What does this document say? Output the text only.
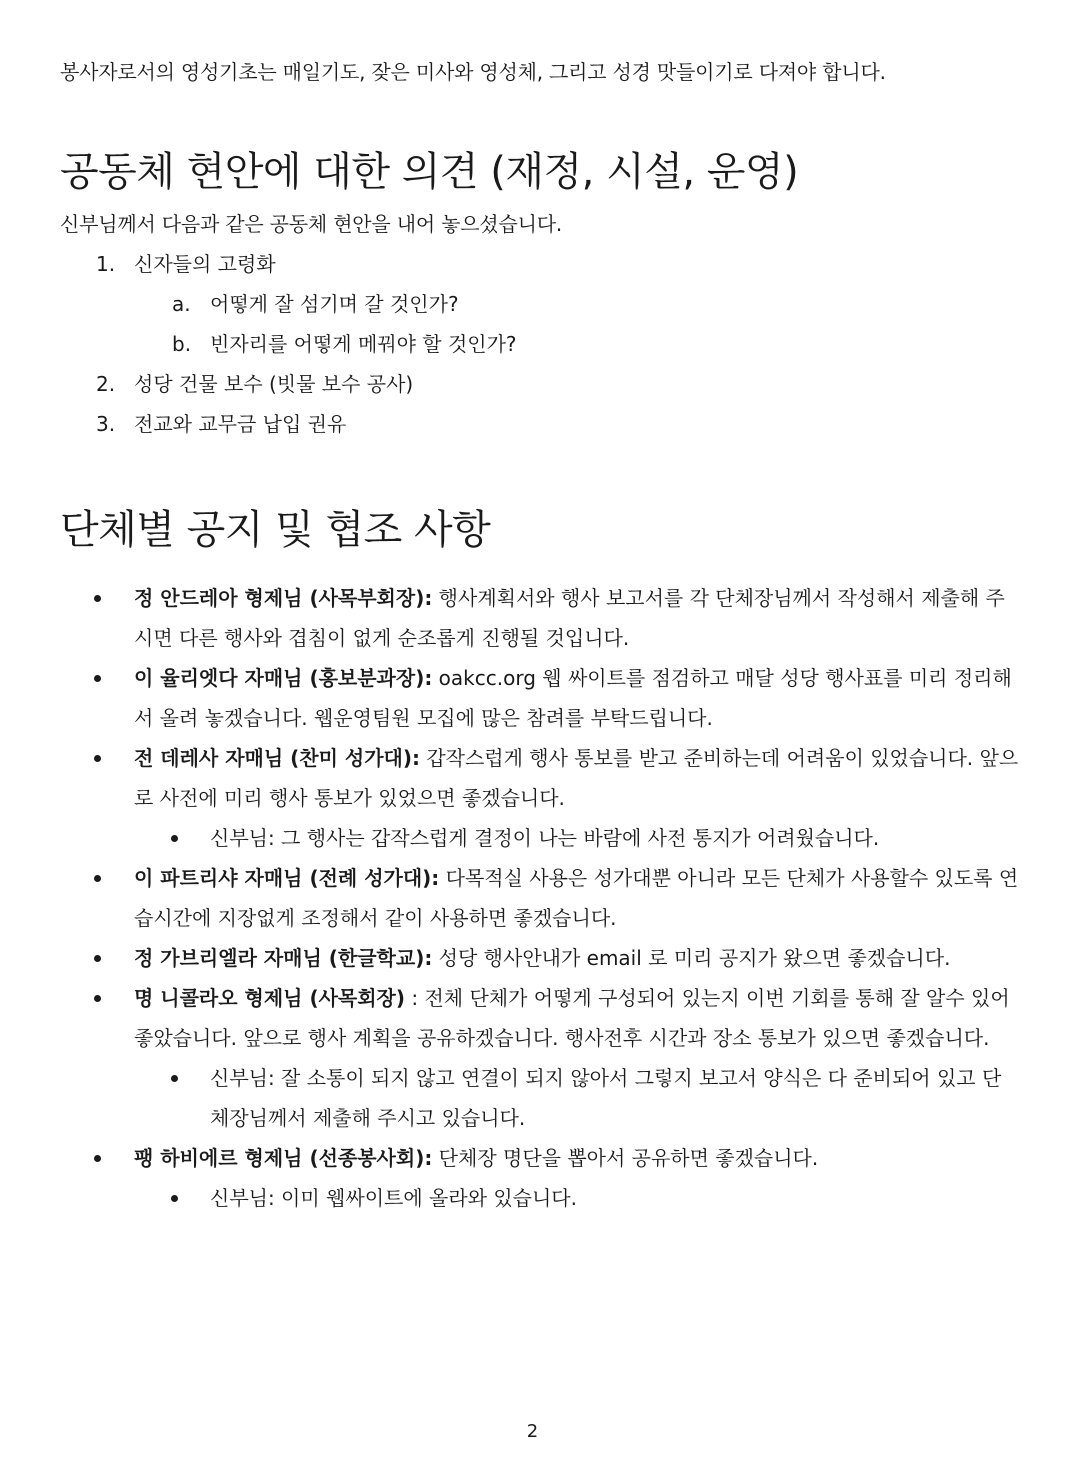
봉사자로서의 영성기초는 매일기도, 잦은 미사와 영성체, 그리고 성경 맛들이기로 다져야 합니다.

공동체 현안에 대한 의견 (재정, 시설, 운영)

신부님께서 다음과 같은 공동체 현안을 내어 놓으셨습니다.

1. 신자들의 고령화
a. 어떻게 잘 섬기며 갈 것인가?
b. 빈자리를 어떻게 메꿔야 할 것인가?
2. 성당 건물 보수 (빗물 보수 공사)
3. 전교와 교무금 납입 권유
단체별 공지 및 협조 사항
정 안드레아 형제님 (사목부회장): 행사계획서와 행사 보고서를 각 단체장님께서 작성해서 제출해 주시면 다른 행사와 겹침이 없게 순조롭게 진행될 것입니다.
이 율리엣다 자매님 (홍보분과장): oakcc.org 웹 싸이트를 점검하고 매달 성당 행사표를 미리 정리해서 올려 놓겠습니다. 웹운영팀원 모집에 많은 참려를 부탁드립니다.
전 데레사 자매님 (찬미 성가대): 갑작스럽게 행사 통보를 받고 준비하는데 어려움이 있었습니다. 앞으로 사전에 미리 행사 통보가 있었으면 좋겠습니다.
신부님: 그 행사는 갑작스럽게 결정이 나는 바람에 사전 통지가 어려웠습니다.
이 파트리샤 자매님 (전례 성가대): 다목적실 사용은 성가대뿐 아니라 모든 단체가 사용할수 있도록 연습시간에 지장없게 조정해서 같이 사용하면 좋겠습니다.
정 가브리엘라 자매님 (한글학교): 성당 행사안내가 email 로 미리 공지가 왔으면 좋겠습니다.
명 니콜라오 형제님 (사목회장) : 전체 단체가 어떻게 구성되어 있는지 이번 기회를 통해 잘 알수 있어 좋았습니다. 앞으로 행사 계획을 공유하겠습니다. 행사전후 시간과 장소 통보가 있으면 좋겠습니다.
신부님: 잘 소통이 되지 않고 연결이 되지 않아서 그렇지 보고서 양식은 다 준비되어 있고 단체장님께서 제출해 주시고 있습니다.
팽 하비에르 형제님 (선종봉사회): 단체장 명단을 뽑아서 공유하면 좋겠습니다.
신부님: 이미 웹싸이트에 올라와 있습니다.
2
